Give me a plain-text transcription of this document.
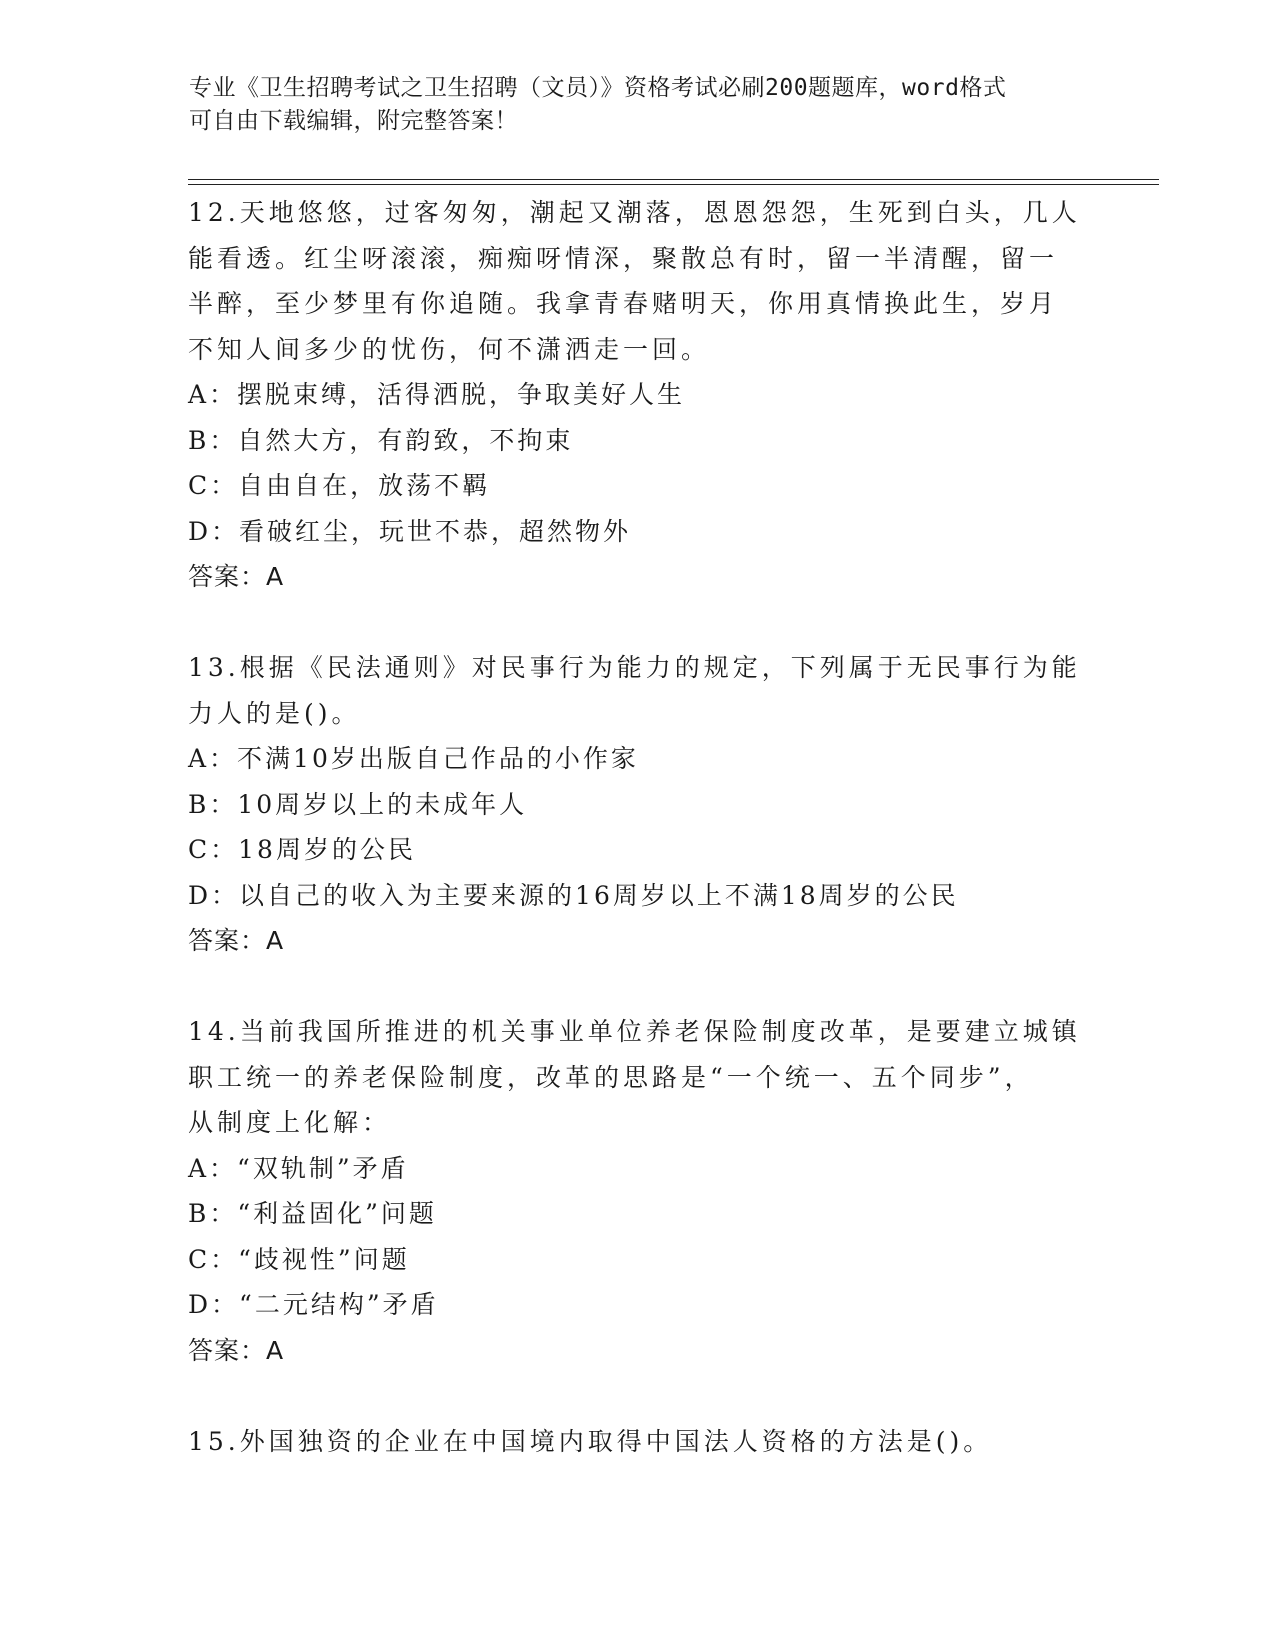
专业《卫生招聘考试之卫生招聘（文员）》资格考试必刷200题题库，word格式
可自由下载编辑，附完整答案！
12.天地悠悠，过客匆匆，潮起又潮落，恩恩怨怨，生死到白头，几人
能看透。红尘呀滚滚，痴痴呀情深，聚散总有时，留一半清醒，留一
半醉，至少梦里有你追随。我拿青春赌明天，你用真情换此生，岁月
不知人间多少的忧伤，何不潇洒走一回。
A：摆脱束缚，活得洒脱，争取美好人生
B：自然大方，有韵致，不拘束
C：自由自在，放荡不羁
D：看破红尘，玩世不恭，超然物外
答案：A
13.根据《民法通则》对民事行为能力的规定，下列属于无民事行为能
力人的是()。
A：不满10岁出版自己作品的小作家
B：10周岁以上的未成年人
C：18周岁的公民
D：以自己的收入为主要来源的16周岁以上不满18周岁的公民
答案：A
14.当前我国所推进的机关事业单位养老保险制度改革，是要建立城镇
职工统一的养老保险制度，改革的思路是“一个统一、五个同步”，
从制度上化解：
A：“双轨制”矛盾
B：“利益固化”问题
C：“歧视性”问题
D：“二元结构”矛盾
答案：A
15.外国独资的企业在中国境内取得中国法人资格的方法是()。
